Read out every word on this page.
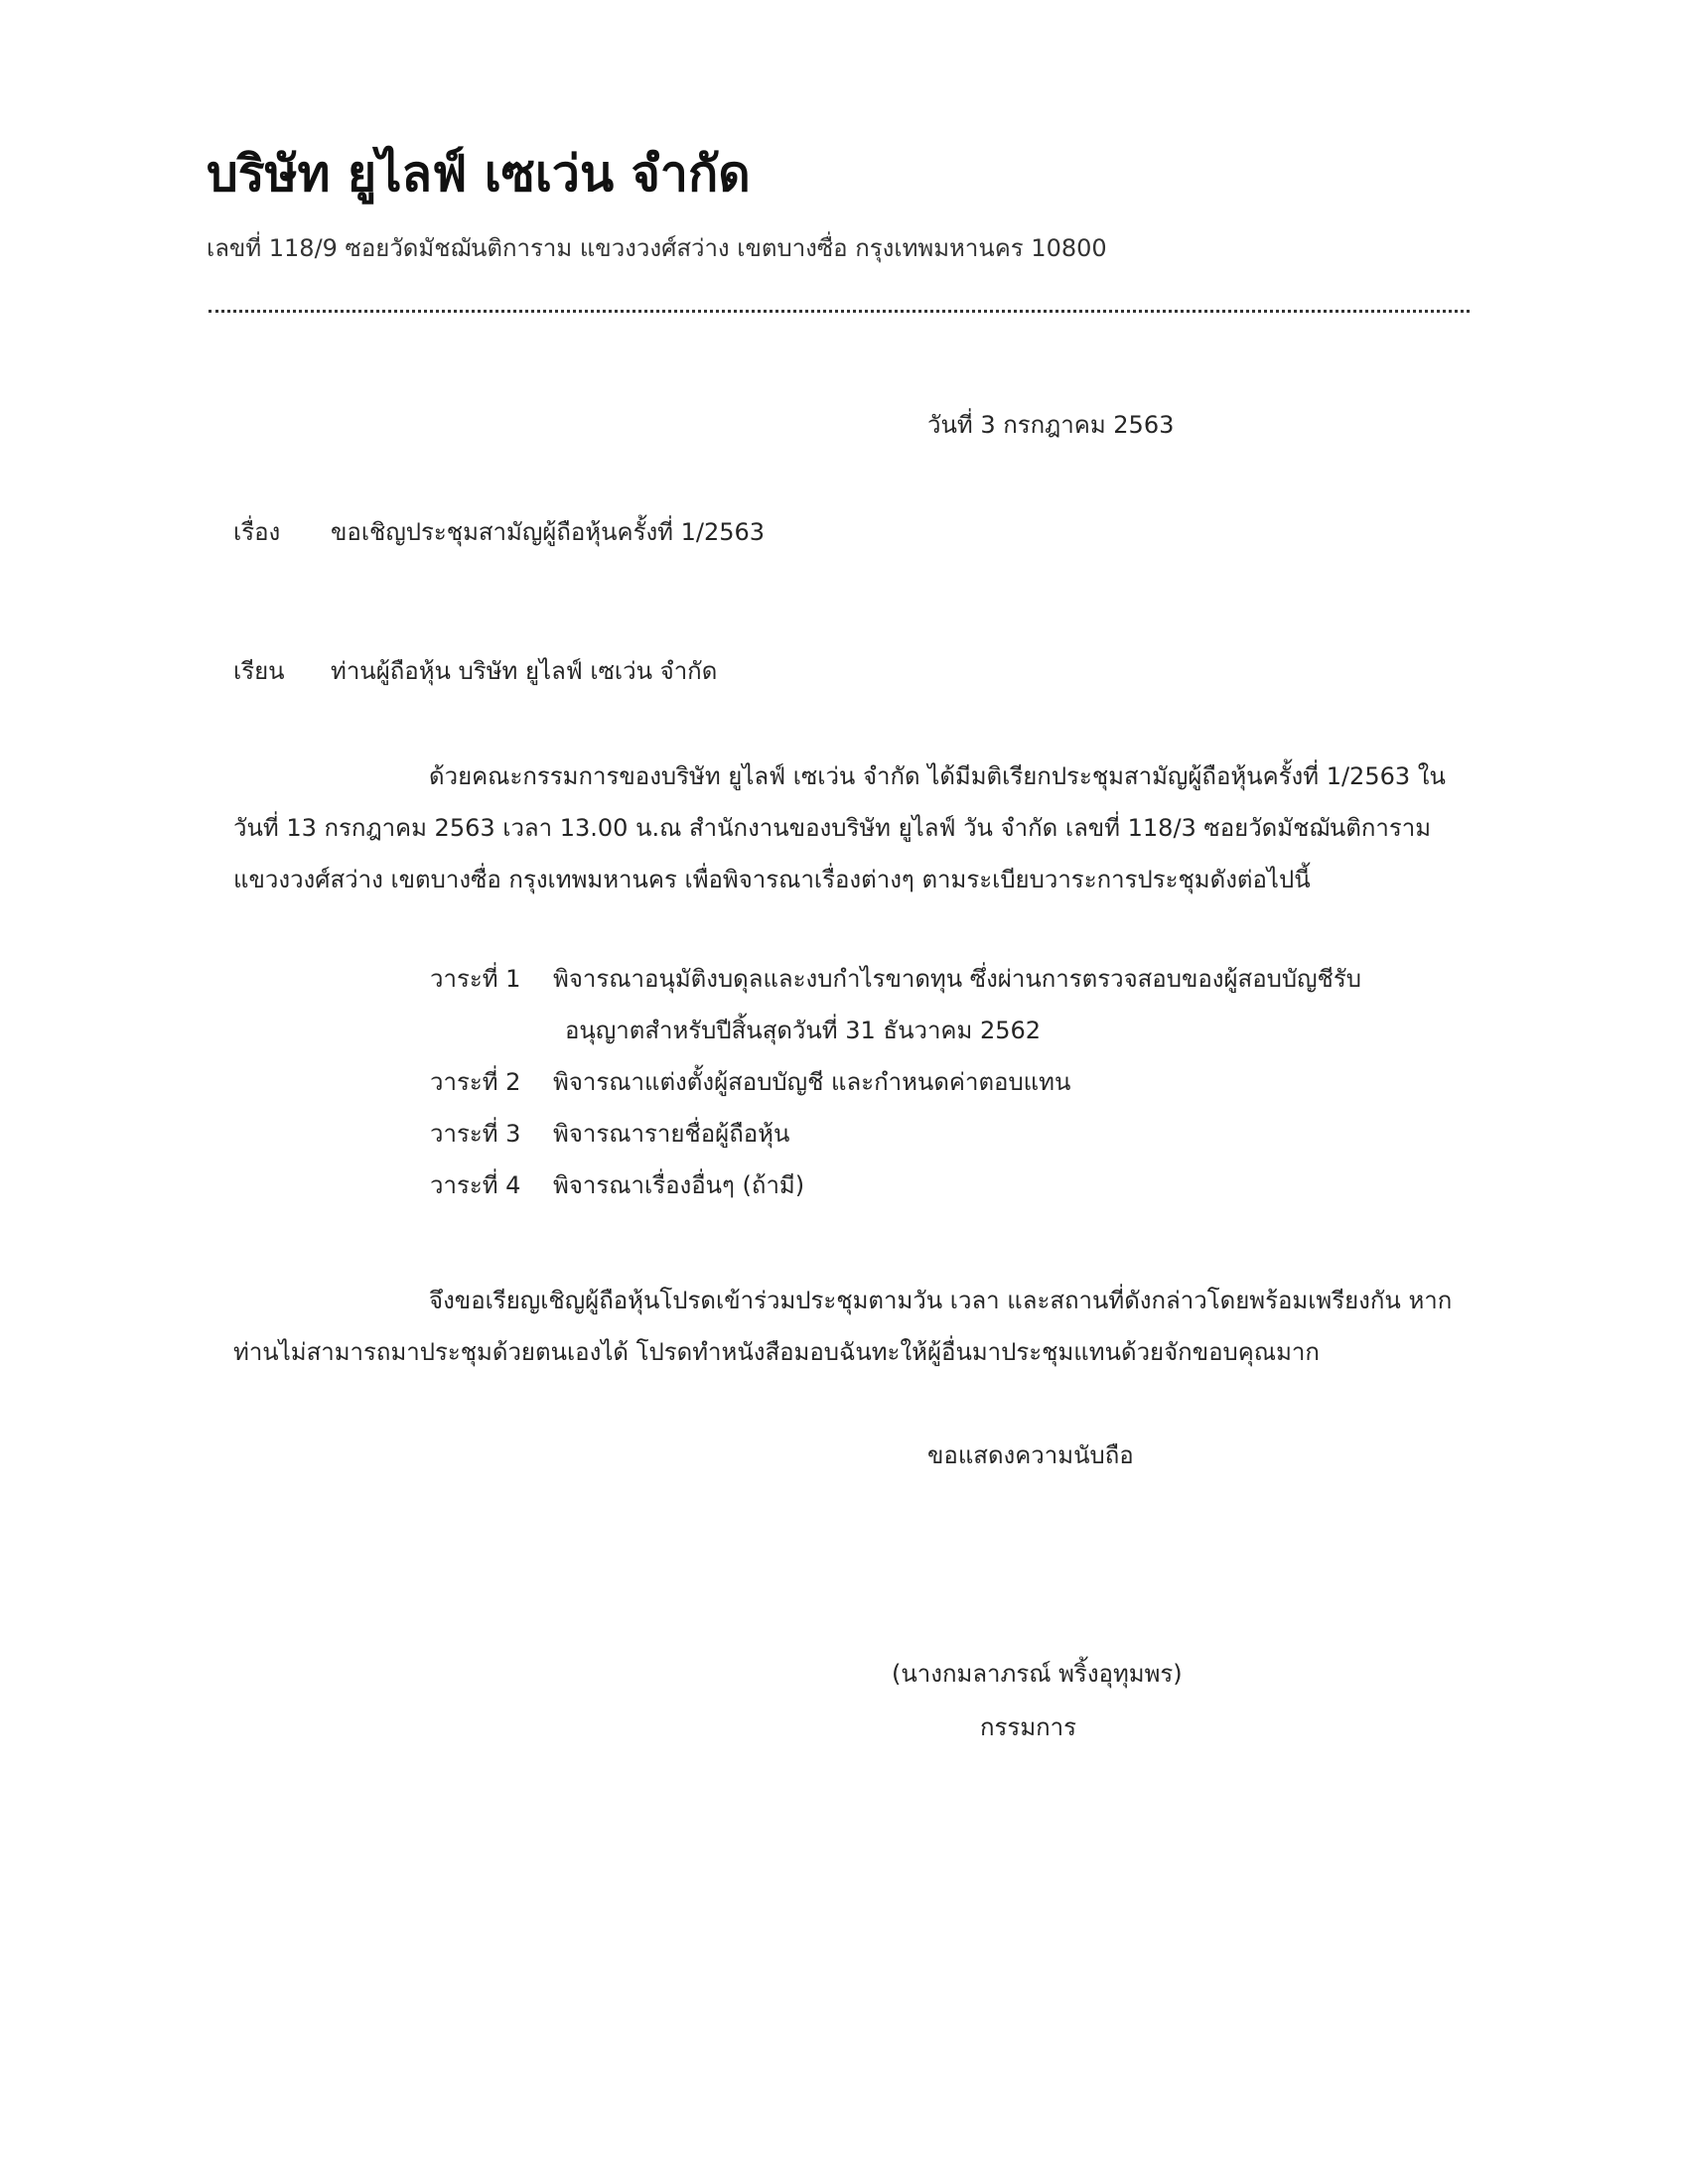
บริษัท ยูไลฟ์ เซเว่น จำกัด
เลขที่ 118/9 ซอยวัดมัชฌันติการาม แขวงวงศ์สว่าง เขตบางซื่อ กรุงเทพมหานคร 10800
วันที่ 3 กรกฎาคม 2563
เรื่อง ขอเชิญประชุมสามัญผู้ถือหุ้นครั้งที่ 1/2563
เรียน ท่านผู้ถือหุ้น บริษัท ยูไลฟ์ เซเว่น จำกัด
ด้วยคณะกรรมการของบริษัท ยูไลฟ์ เซเว่น จำกัด ได้มีมติเรียกประชุมสามัญผู้ถือหุ้นครั้งที่ 1/2563 ใน
วันที่ 13 กรกฎาคม 2563 เวลา 13.00 น.ณ สำนักงานของบริษัท ยูไลฟ์ วัน จำกัด เลขที่ 118/3 ซอยวัดมัชฌันติการาม
แขวงวงศ์สว่าง เขตบางซื่อ กรุงเทพมหานคร เพื่อพิจารณาเรื่องต่างๆ ตามระเบียบวาระการประชุมดังต่อไปนี้
วาระที่ 1 พิจารณาอนุมัติงบดุลและงบกำไรขาดทุน ซึ่งผ่านการตรวจสอบของผู้สอบบัญชีรับ
อนุญาตสำหรับปีสิ้นสุดวันที่ 31 ธันวาคม 2562
วาระที่ 2 พิจารณาแต่งตั้งผู้สอบบัญชี และกำหนดค่าตอบแทน
วาระที่ 3 พิจารณารายชื่อผู้ถือหุ้น
วาระที่ 4 พิจารณาเรื่องอื่นๆ (ถ้ามี)
จึงขอเรียญเชิญผู้ถือหุ้นโปรดเข้าร่วมประชุมตามวัน เวลา และสถานที่ดังกล่าวโดยพร้อมเพรียงกัน หาก
ท่านไม่สามารถมาประชุมด้วยตนเองได้ โปรดทำหนังสือมอบฉันทะให้ผู้อื่นมาประชุมแทนด้วยจักขอบคุณมาก
ขอแสดงความนับถือ
(นางกมลาภรณ์ พริ้งอุทุมพร)
กรรมการ
